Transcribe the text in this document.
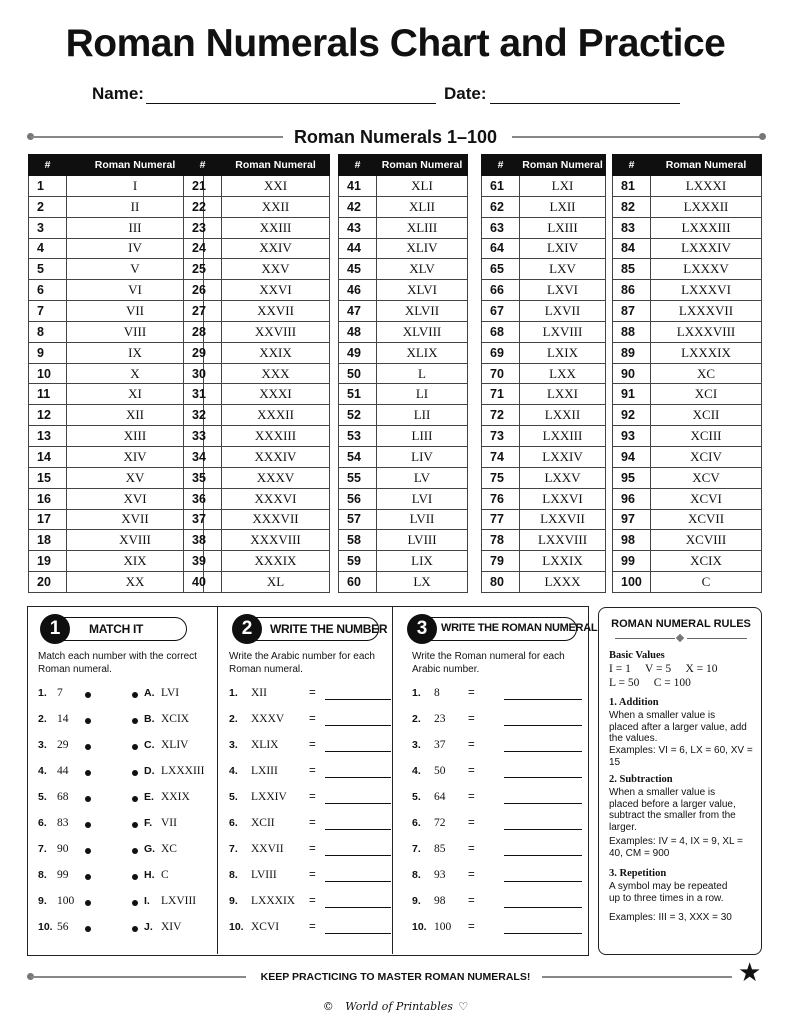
Roman Numerals Chart and Practice
Name:	Date:
Roman Numerals 1–100
#	Roman Numeral
1	I
2	II
3	III
4	IV
5	V
6	VI
7	VII
8	VIII
9	IX
10	X
11	XI
12	XII
13	XIII
14	XIV
15	XV
16	XVI
17	XVII
18	XVIII
19	XIX
20	XX
#	Roman Numeral
21	XXI
22	XXII
23	XXIII
24	XXIV
25	XXV
26	XXVI
27	XXVII
28	XXVIII
29	XXIX
30	XXX
31	XXXI
32	XXXII
33	XXXIII
34	XXXIV
35	XXXV
36	XXXVI
37	XXXVII
38	XXXVIII
39	XXXIX
40	XL
#	Roman Numeral
41	XLI
42	XLII
43	XLIII
44	XLIV
45	XLV
46	XLVI
47	XLVII
48	XLVIII
49	XLIX
50	L
51	LI
52	LII
53	LIII
54	LIV
55	LV
56	LVI
57	LVII
58	LVIII
59	LIX
60	LX
#	Roman Numeral
61	LXI
62	LXII
63	LXIII
64	LXIV
65	LXV
66	LXVI
67	LXVII
68	LXVIII
69	LXIX
70	LXX
71	LXXI
72	LXXII
73	LXXIII
74	LXXIV
75	LXXV
76	LXXVI
77	LXXVII
78	LXXVIII
79	LXXIX
80	LXXX
#	Roman Numeral
81	LXXXI
82	LXXXII
83	LXXXIII
84	LXXXIV
85	LXXXV
86	LXXXVI
87	LXXXVII
88	LXXXVIII
89	LXXXIX
90	XC
91	XCI
92	XCII
93	XCIII
94	XCIV
95	XCV
96	XCVI
97	XCVII
98	XCVIII
99	XCIX
100	C
1	MATCH IT
Match each number with the correct Roman numeral.
1. 7	A. LVI
2. 14	B. XCIX
3. 29	C. XLIV
4. 44	D. LXXXIII
5. 68	E. XXIX
6. 83	F. VII
7. 90	G. XC
8. 99	H. C
9. 100	I. LXVIII
10. 56	J. XIV
2	WRITE THE NUMBER
Write the Arabic number for each Roman numeral.
1. XII	=
2. XXXV =
3. XLIX	=
4. LXIII	=
5. LXXIV =
6. XCII	=
7. XXVII =
8. LVIII	=
9. LXXXIX =
10. XCVI	=
3	WRITE THE ROMAN NUMERAL
Write the Roman numeral for each Arabic number.
1. 8 =
2. 23 =
3. 37 =
4. 50 =
5. 64 =
6. 72 =
7. 85 =
8. 93 =
9. 98 =
10. 100 =
ROMAN NUMERAL RULES
Basic Values
I = 1     V = 5     X = 10
L = 50     C = 100
1. Addition
When a smaller value is placed after a larger value, add the values.
Examples: VI = 6, LX = 60, XV = 15
2. Subtraction
When a smaller value is placed before a larger value, subtract the smaller from the larger.
Examples: IV = 4, IX = 9, XL = 40, CM = 900
3. Repetition
A symbol may be repeated up to three times in a row.
Examples: III = 3, XXX = 30
KEEP PRACTICING TO MASTER ROMAN NUMERALS!	★
© World of Printables ♡
